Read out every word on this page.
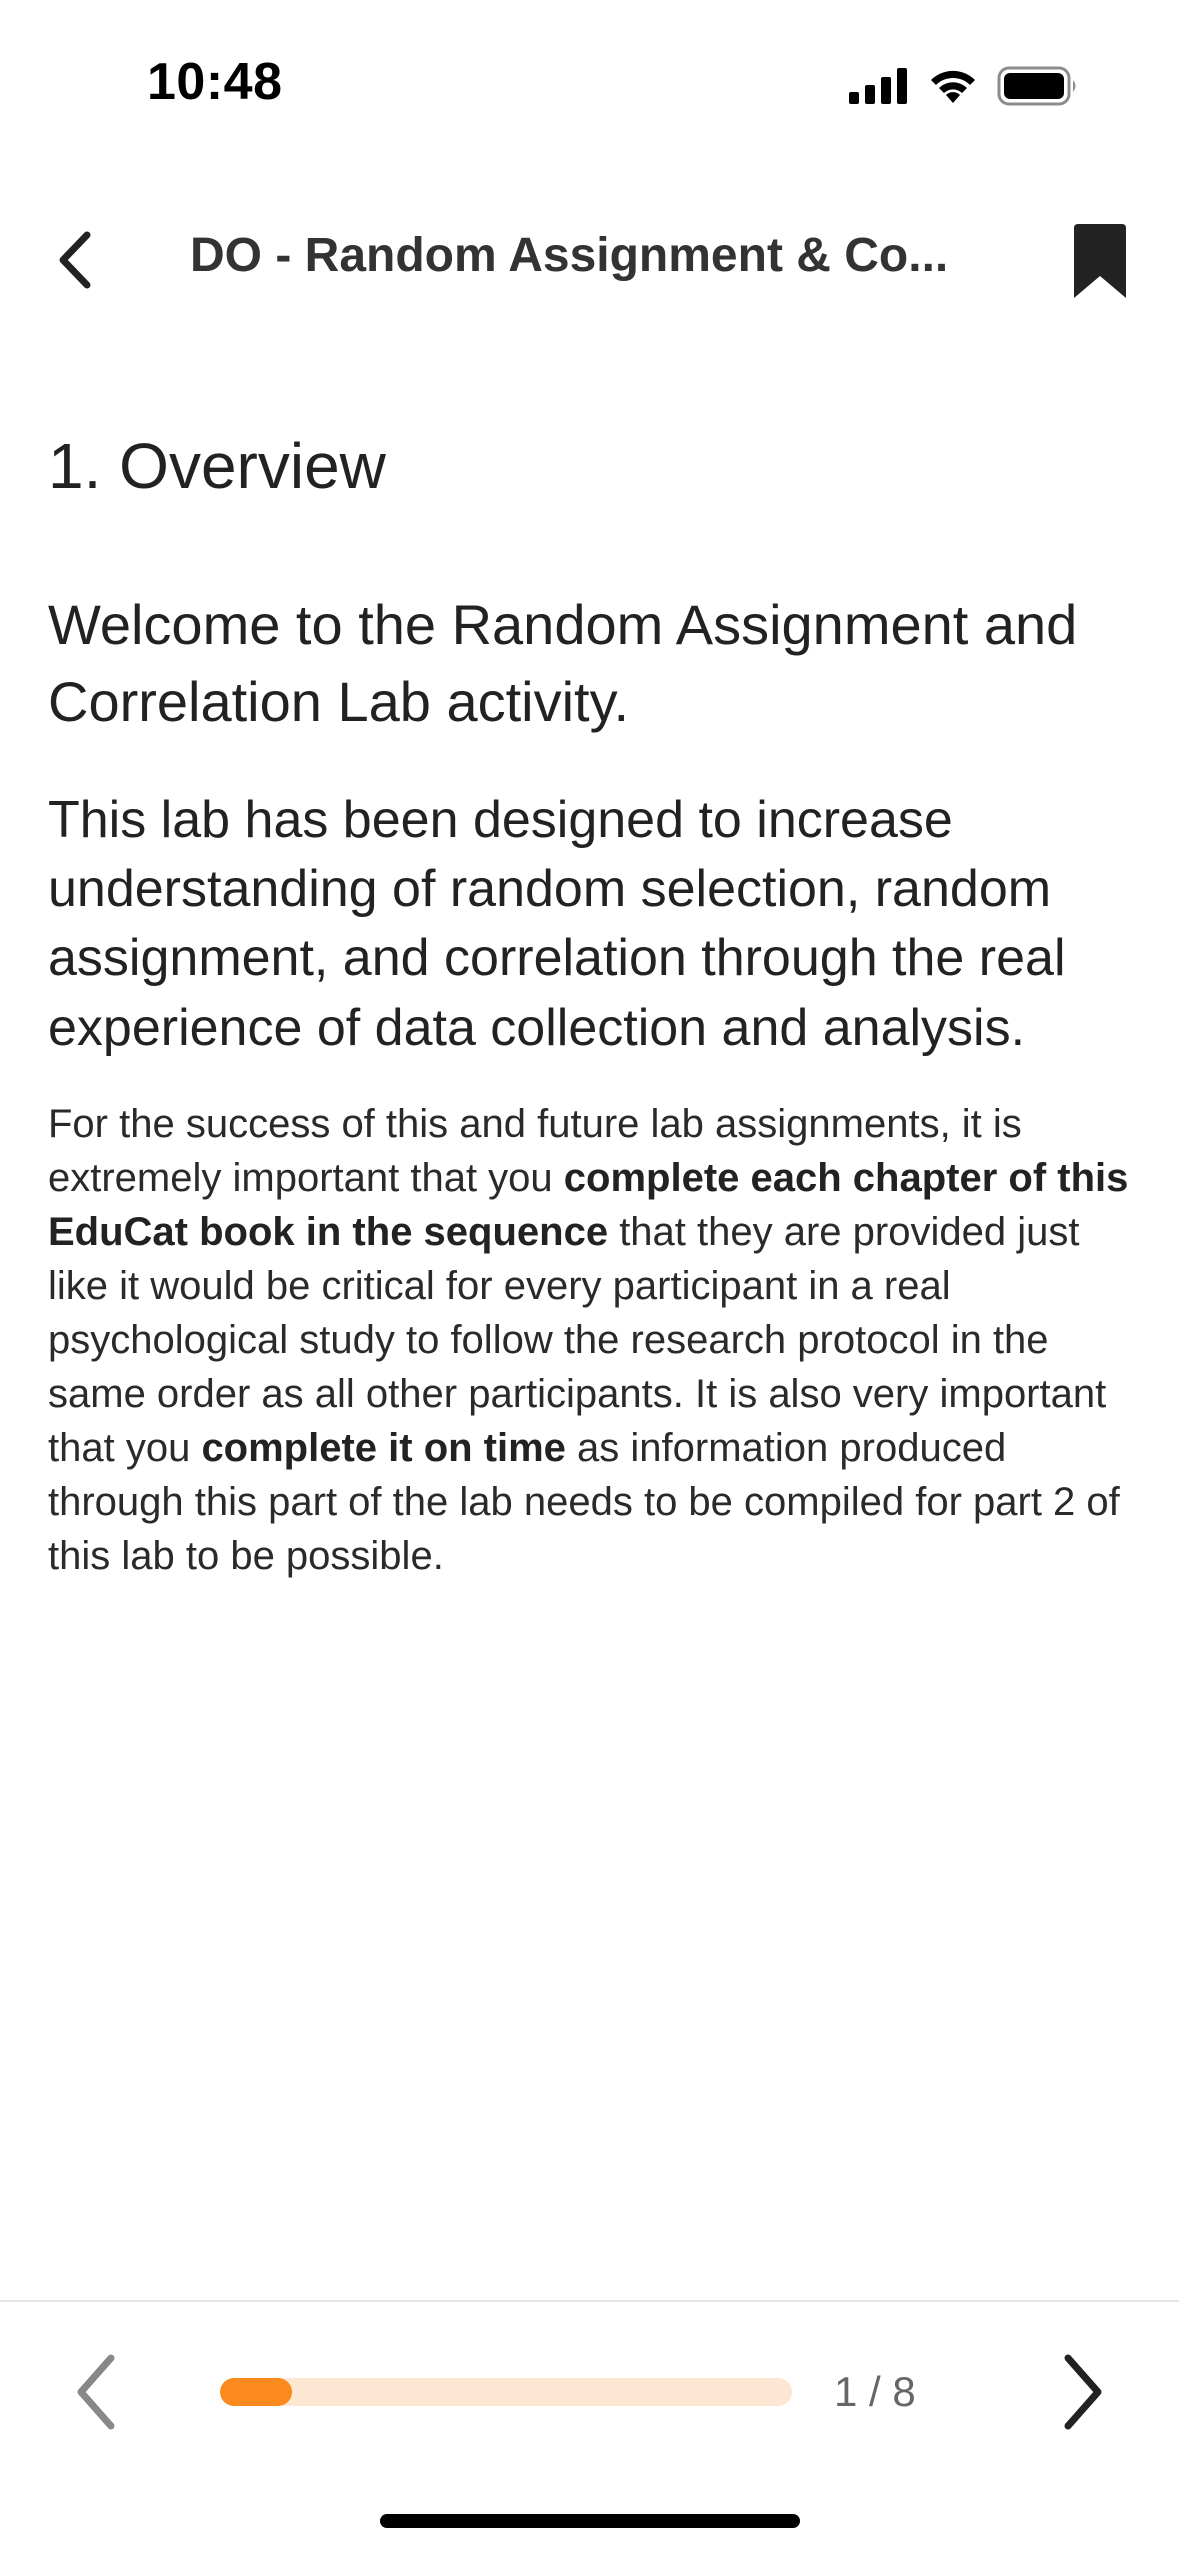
10:48
DO - Random Assignment & Co...
1. Overview
Welcome to the Random Assignment and Correlation Lab activity.

This lab has been designed to increase understanding of random selection, random assignment, and correlation through the real experience of data collection and analysis.

For the success of this and future lab assignments, it is extremely important that you complete each chapter of this EduCat book in the sequence that they are provided just like it would be critical for every participant in a real psychological study to follow the research protocol in the same order as all other participants. It is also very important that you complete it on time as information produced through this part of the lab needs to be compiled for part 2 of this lab to be possible.

1 / 8
